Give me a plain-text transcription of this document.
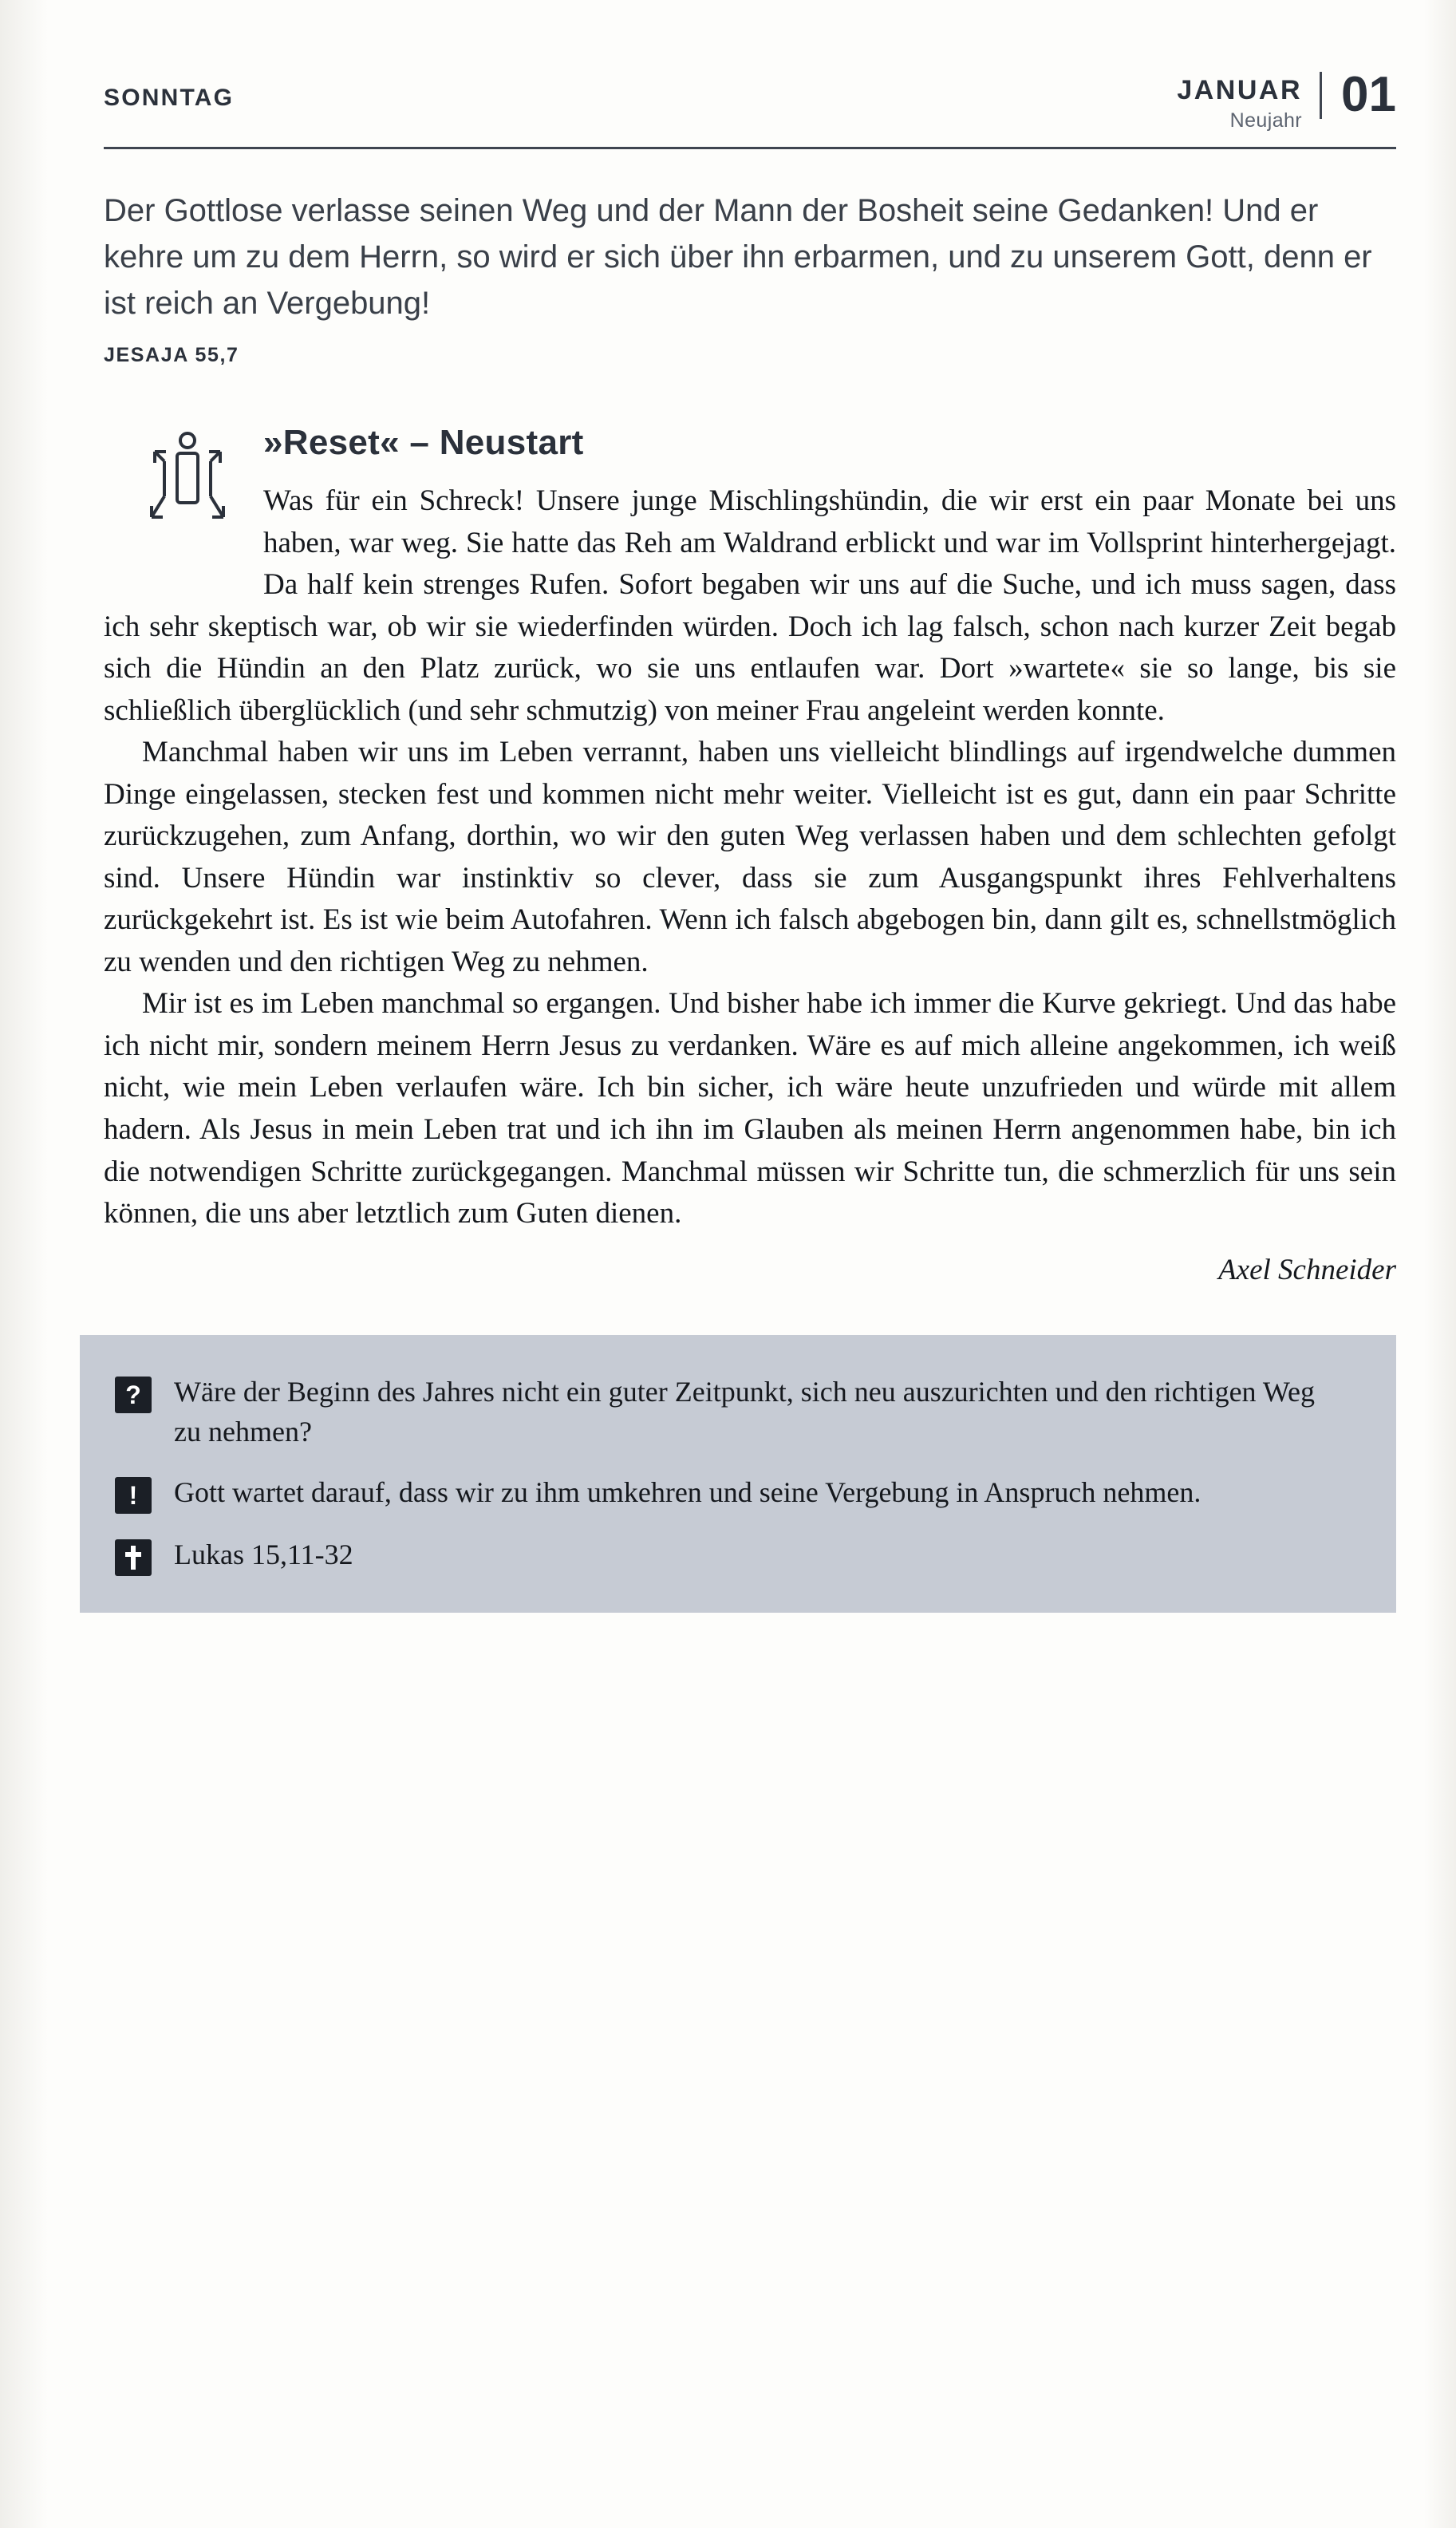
SONNTAG	JANUAR
Neujahr 01
Der Gottlose verlasse seinen Weg und der Mann der Bosheit seine Gedanken! Und er kehre um zu dem Herrn, so wird er sich über ihn erbarmen, und zu unserem Gott, denn er ist reich an Vergebung!
JESAJA 55,7
»Reset« – Neustart

Was für ein Schreck! Unsere junge Mischlingshündin, die wir erst ein paar Monate bei uns haben, war weg. Sie hatte das Reh am Waldrand erblickt und war im Vollsprint hinterhergejagt. Da half kein strenges Rufen. Sofort begaben wir uns auf die Suche, und ich muss sagen, dass ich sehr skeptisch war, ob wir sie wiederfinden würden. Doch ich lag falsch, schon nach kurzer Zeit begab sich die Hündin an den Platz zurück, wo sie uns entlaufen war. Dort »wartete« sie so lange, bis sie schließlich überglücklich (und sehr schmutzig) von meiner Frau angeleint werden konnte.

Manchmal haben wir uns im Leben verrannt, haben uns vielleicht blindlings auf irgendwelche dummen Dinge eingelassen, stecken fest und kommen nicht mehr weiter. Vielleicht ist es gut, dann ein paar Schritte zurückzugehen, zum Anfang, dorthin, wo wir den guten Weg verlassen haben und dem schlechten gefolgt sind. Unsere Hündin war instinktiv so clever, dass sie zum Ausgangspunkt ihres Fehlverhaltens zurückgekehrt ist. Es ist wie beim Autofahren. Wenn ich falsch abgebogen bin, dann gilt es, schnellstmöglich zu wenden und den richtigen Weg zu nehmen.

Mir ist es im Leben manchmal so ergangen. Und bisher habe ich immer die Kurve gekriegt. Und das habe ich nicht mir, sondern meinem Herrn Jesus zu verdanken. Wäre es auf mich alleine angekommen, ich weiß nicht, wie mein Leben verlaufen wäre. Ich bin sicher, ich wäre heute unzufrieden und würde mit allem hadern. Als Jesus in mein Leben trat und ich ihn im Glauben als meinen Herrn angenommen habe, bin ich die notwendigen Schritte zurückgegangen. Manchmal müssen wir Schritte tun, die schmerzlich für uns sein können, die uns aber letztlich zum Guten dienen.

Axel Schneider
?	Wäre der Beginn des Jahres nicht ein guter Zeitpunkt, sich neu auszurichten und den richtigen Weg zu nehmen?
!	Gott wartet darauf, dass wir zu ihm umkehren und seine Vergebung in Anspruch nehmen.
Lukas 15,11-32
